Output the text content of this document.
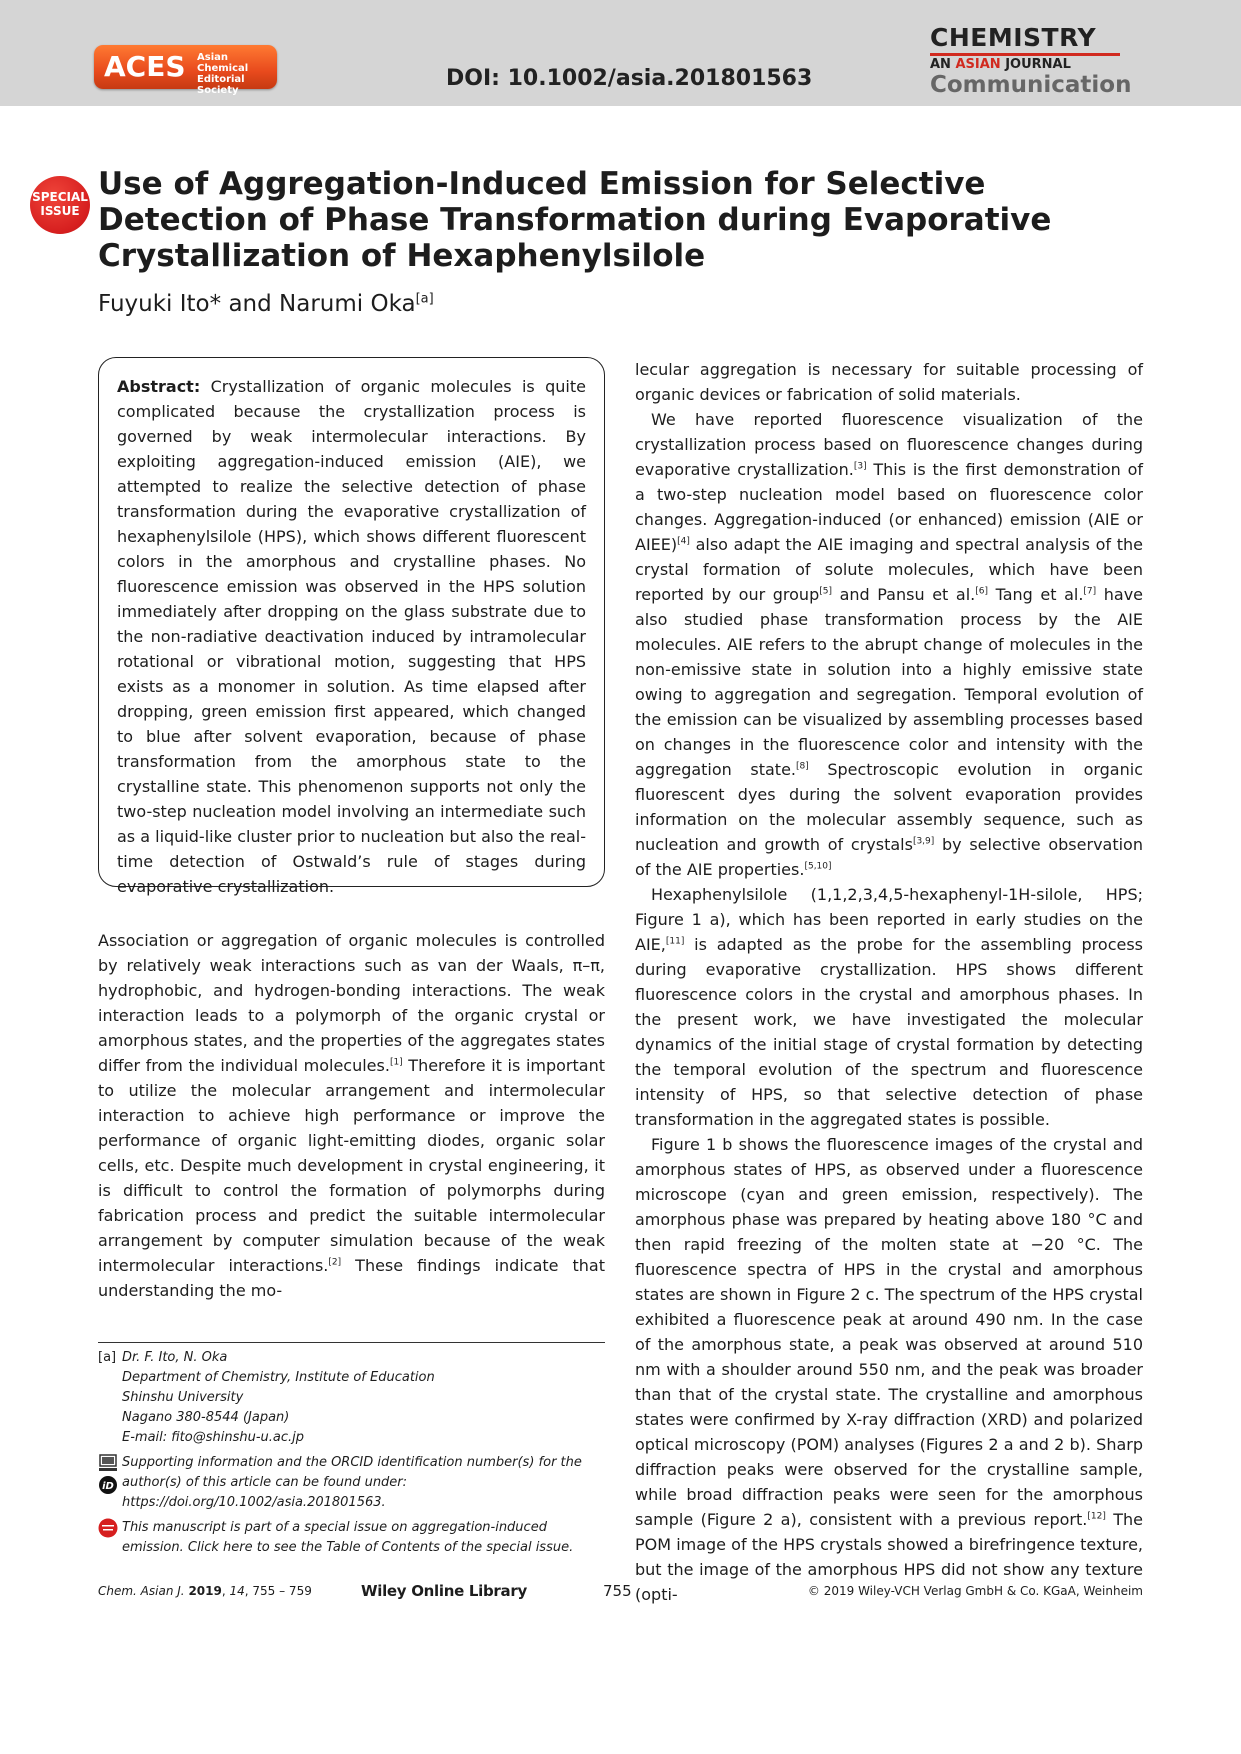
ACES Asian Chemical Editorial Society	DOI: 10.1002/asia.201801563
CHEMISTRY
AN ASIAN JOURNAL
Communication
SPECIAL
ISSUE
Use of Aggregation-Induced Emission for Selective Detection of Phase Transformation during Evaporative Crystallization of Hexaphenylsilole
Fuyuki Ito* and Narumi Oka[a]

Abstract: Crystallization of organic molecules is quite complicated because the crystallization process is governed by weak intermolecular interactions. By exploiting aggregation-induced emission (AIE), we attempted to realize the selective detection of phase transformation during the evaporative crystallization of hexaphenylsilole (HPS), which shows different fluorescent colors in the amorphous and crystalline phases. No fluorescence emission was observed in the HPS solution immediately after dropping on the glass substrate due to the non-radiative deactivation induced by intramolecular rotational or vibrational motion, suggesting that HPS exists as a monomer in solution. As time elapsed after dropping, green emission first appeared, which changed to blue after solvent evaporation, because of phase transformation from the amorphous state to the crystalline state. This phenomenon supports not only the two-step nucleation model involving an intermediate such as a liquid-like cluster prior to nucleation but also the real-time detection of Ostwald’s rule of stages during evaporative crystallization.

Association or aggregation of organic molecules is controlled by relatively weak interactions such as van der Waals, π–π, hydrophobic, and hydrogen-bonding interactions. The weak interaction leads to a polymorph of the organic crystal or amorphous states, and the properties of the aggregates states differ from the individual molecules.[1] Therefore it is important to utilize the molecular arrangement and intermolecular interaction to achieve high performance or improve the performance of organic light-emitting diodes, organic solar cells, etc. Despite much development in crystal engineering, it is difficult to control the formation of polymorphs during fabrication process and predict the suitable intermolecular arrangement by computer simulation because of the weak intermolecular interactions.[2] These findings indicate that understanding the mo-

lecular aggregation is necessary for suitable processing of organic devices or fabrication of solid materials.

We have reported fluorescence visualization of the crystallization process based on fluorescence changes during evaporative crystallization.[3] This is the first demonstration of a two-step nucleation model based on fluorescence color changes. Aggregation-induced (or enhanced) emission (AIE or AIEE)[4] also adapt the AIE imaging and spectral analysis of the crystal formation of solute molecules, which have been reported by our group[5] and Pansu et al.[6] Tang et al.[7] have also studied phase transformation process by the AIE molecules. AIE refers to the abrupt change of molecules in the non-emissive state in solution into a highly emissive state owing to aggregation and segregation. Temporal evolution of the emission can be visualized by assembling processes based on changes in the fluorescence color and intensity with the aggregation state.[8] Spectroscopic evolution in organic fluorescent dyes during the solvent evaporation provides information on the molecular assembly sequence, such as nucleation and growth of crystals[3,9] by selective observation of the AIE properties.[5,10]

Hexaphenylsilole (1,1,2,3,4,5-hexaphenyl-1H-silole, HPS; Figure 1 a), which has been reported in early studies on the AIE,[11] is adapted as the probe for the assembling process during evaporative crystallization. HPS shows different fluorescence colors in the crystal and amorphous phases. In the present work, we have investigated the molecular dynamics of the initial stage of crystal formation by detecting the temporal evolution of the spectrum and fluorescence intensity of HPS, so that selective detection of phase transformation in the aggregated states is possible.

Figure 1 b shows the fluorescence images of the crystal and amorphous states of HPS, as observed under a fluorescence microscope (cyan and green emission, respectively). The amorphous phase was prepared by heating above 180 °C and then rapid freezing of the molten state at −20 °C. The fluorescence spectra of HPS in the crystal and amorphous states are shown in Figure 2 c. The spectrum of the HPS crystal exhibited a fluorescence peak at around 490 nm. In the case of the amorphous state, a peak was observed at around 510 nm with a shoulder around 550 nm, and the peak was broader than that of the crystal state. The crystalline and amorphous states were confirmed by X-ray diffraction (XRD) and polarized optical microscopy (POM) analyses (Figures 2 a and 2 b). Sharp diffraction peaks were observed for the crystalline sample, while broad diffraction peaks were seen for the amorphous sample (Figure 2 a), consistent with a previous report.[12] The POM image of the HPS crystals showed a birefringence texture, but the image of the amorphous HPS did not show any texture (opti-

[a] Dr. F. Ito, N. Oka
Department of Chemistry, Institute of Education
Shinshu University
Nagano 380-8544 (Japan)
E-mail: fito@shinshu-u.ac.jp
iD
Supporting information and the ORCID identification number(s) for the author(s) of this article can be found under: https://doi.org/10.1002/asia.201801563.
This manuscript is part of a special issue on aggregation-induced emission. Click here to see the Table of Contents of the special issue.
Chem. Asian J. 2019, 14, 755 – 759	Wiley Online Library	755	© 2019 Wiley-VCH Verlag GmbH & Co. KGaA, Weinheim
